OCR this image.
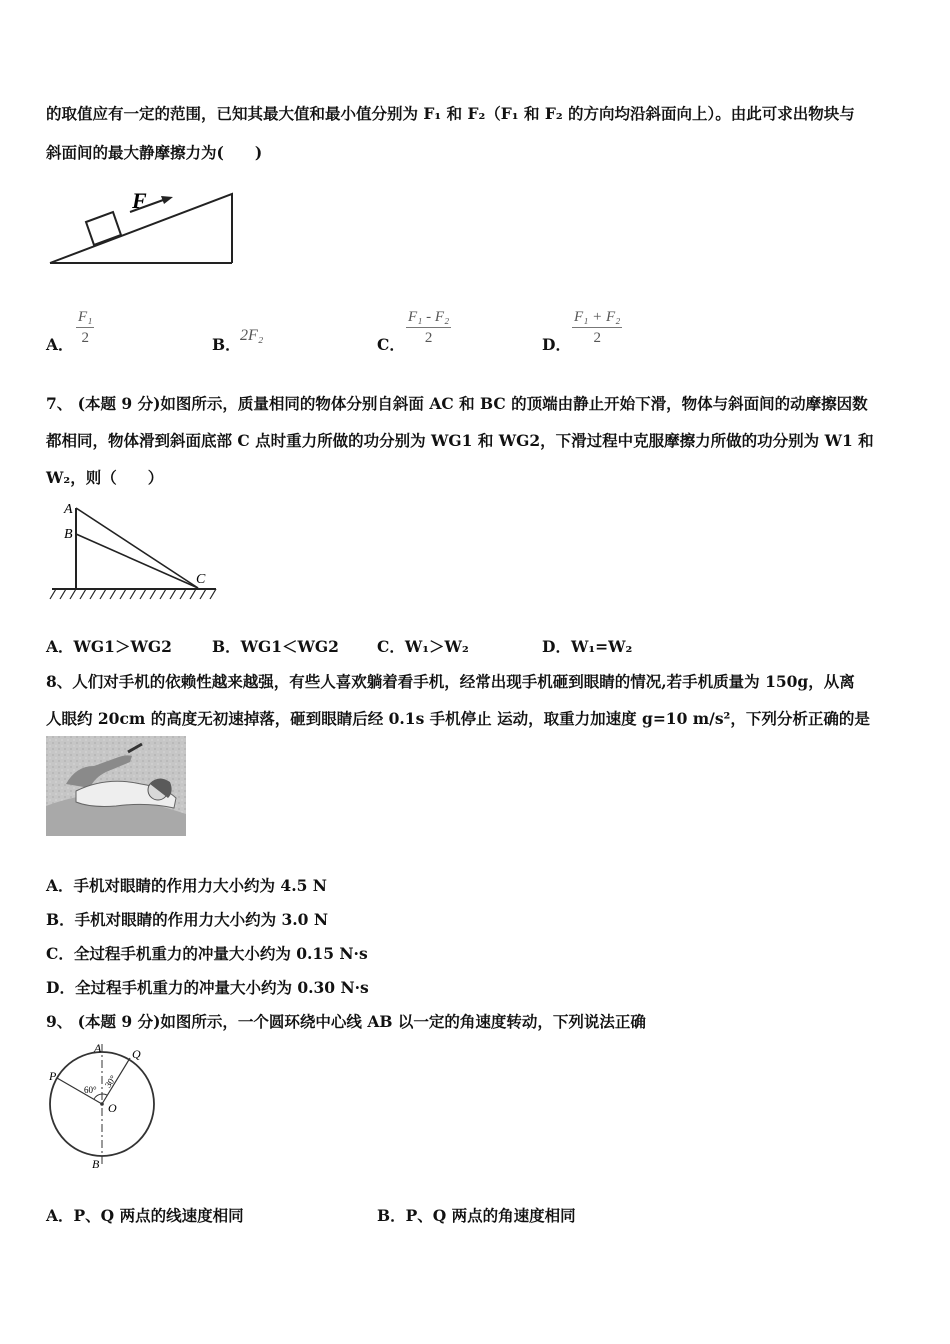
的取值应有一定的范围，已知其最大值和最小值分别为 F₁ 和 F₂（F₁ 和 F₂ 的方向均沿斜面向上）。由此可求出物块与
斜面间的最大静摩擦力为(　　)
F
A． $\frac{\text{F₁}}{2}$	B． 2F₂	C． $\frac{\text{F₁ - F₂}}{2}$	D． $\frac{\text{F₁ + F₂}}{2}$
7、 (本题 9 分)如图所示，质量相同的物体分别自斜面 AC 和 BC 的顶端由静止开始下滑，物体与斜面间的动摩擦因数
都相同，物体滑到斜面底部 C 点时重力所做的功分别为 WG1 和 WG2，下滑过程中克服摩擦力所做的功分别为 W1 和
W₂，则（　　）
A
B
C
A．WG1＞WG2	B．WG1＜WG2 C．W₁＞W₂	D．W₁=W₂
8、人们对手机的依赖性越来越强，有些人喜欢躺着看手机，经常出现手机砸到眼睛的情况,若手机质量为 150g，从离
人眼约 20cm 的高度无初速掉落，砸到眼睛后经 0.1s 手机停止 运动，取重力加速度 g=10 m/s²，下列分析正确的是
A．手机对眼睛的作用力大小约为 4.5 N
B．手机对眼睛的作用力大小约为 3.0 N
C．全过程手机重力的冲量大小约为 0.15 N·s
D．全过程手机重力的冲量大小约为 0.30 N·s
9、 (本题 9 分)如图所示，一个圆环绕中心线 AB 以一定的角速度转动，下列说法正确
A	Q
P
60°
30°
O
B
A．P、Q 两点的线速度相同	B．P、Q 两点的角速度相同
